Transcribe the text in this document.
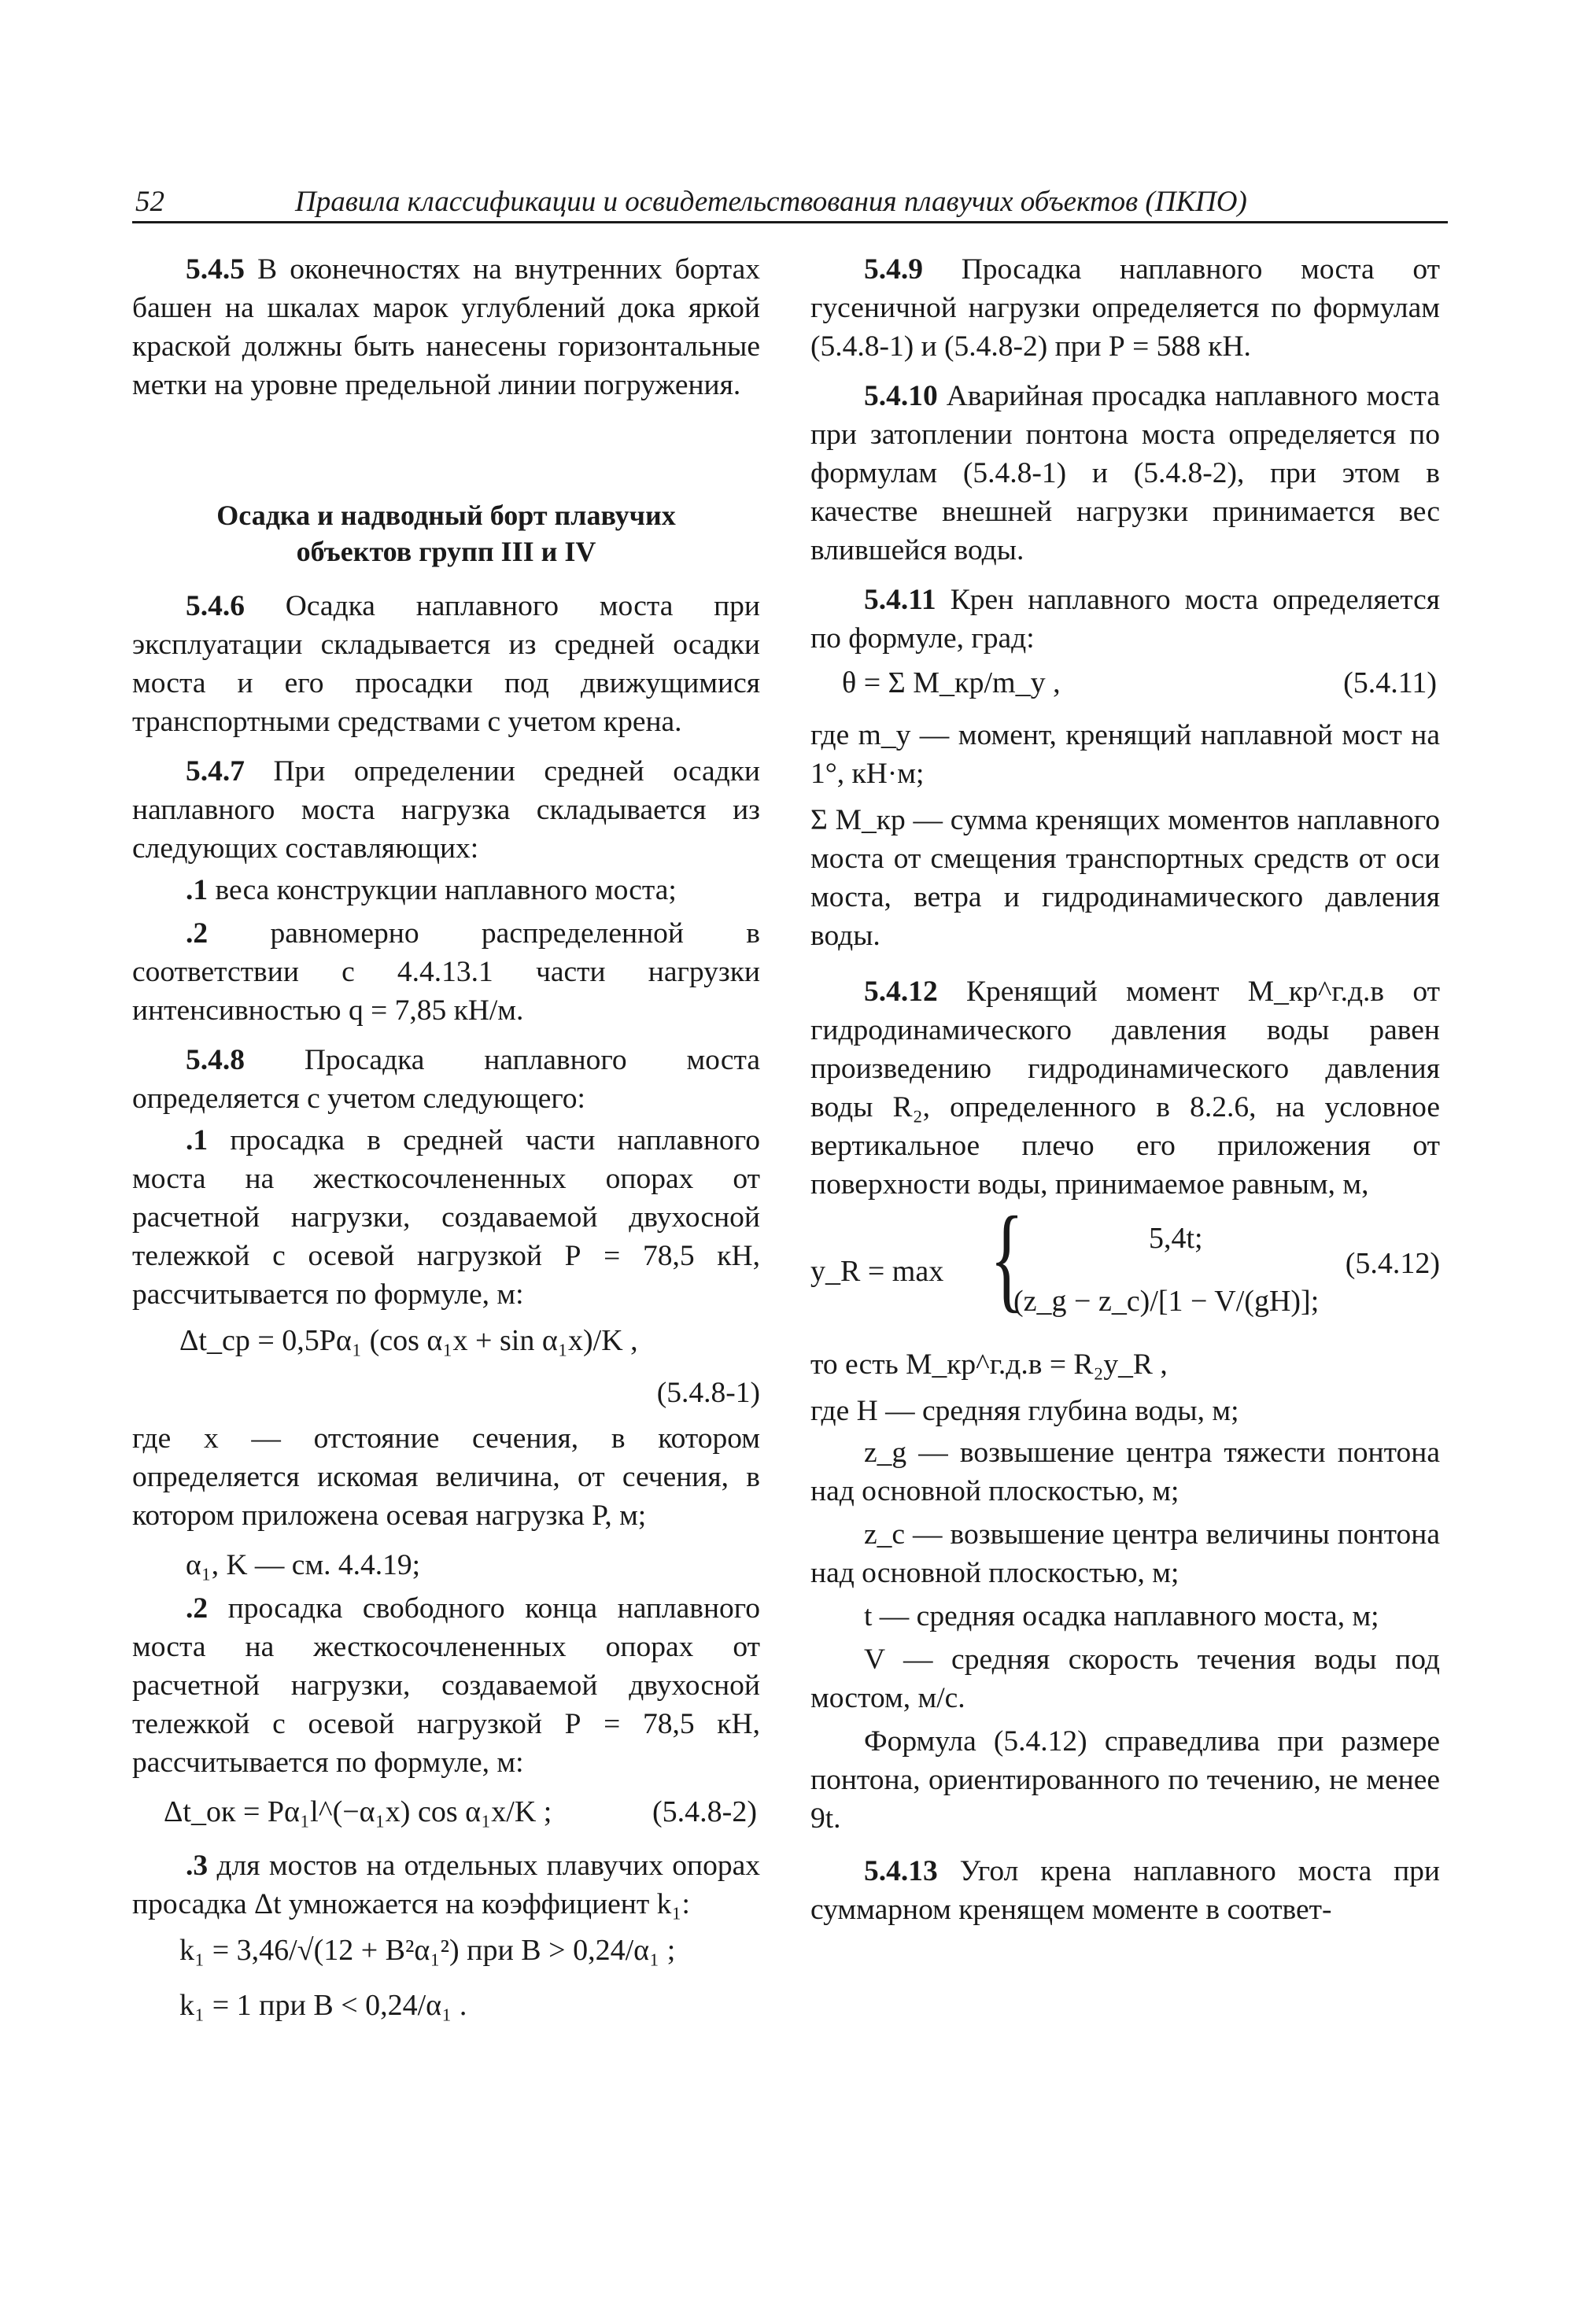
52	Правила классификации и освидетельствования плавучих объектов (ПКПО)

5.4.5 В оконечностях на внутренних бортах башен на шкалах марок углублений дока яркой краской должны быть нанесены горизонтальные метки на уровне предельной линии погружения.

Осадка и надводный борт плавучих
объектов групп III и IV

5.4.6 Осадка наплавного моста при эксплуатации складывается из средней осадки моста и его просадки под движущимися транспортными средствами с учетом крена.

5.4.7 При определении средней осадки наплавного моста нагрузка складывается из следующих составляющих:

.1 веса конструкции наплавного моста;

.2 равномерно распределенной в соответствии с 4.4.13.1 части нагрузки интенсивностью q = 7,85 кН/м.

5.4.8 Просадка наплавного моста определяется с учетом следующего:

.1 просадка в средней части наплавного моста на жесткосочлененных опорах от расчетной нагрузки, создаваемой двухосной тележкой с осевой нагрузкой Р = 78,5 кН, рассчитывается по формуле, м:

Δt_ср = 0,5Pα₁ (cos α₁x + sin α₁x)/K ,
(5.4.8-1)

где x — отстояние сечения, в котором определяется искомая величина, от сечения, в котором приложена осевая нагрузка Р, м;

α₁, K — см. 4.4.19;

.2 просадка свободного конца наплавного моста на жесткосочлененных опорах от расчетной нагрузки, создаваемой двухосной тележкой с осевой нагрузкой Р = 78,5 кН, рассчитывается по формуле, м:

Δt_ок = Pα₁l^(−α₁x) cos α₁x/K ;	(5.4.8-2)

.3 для мостов на отдельных плавучих опорах просадка Δt умножается на коэффициент k₁:

k₁ = 3,46/√(12 + B²α₁²) при B > 0,24/α₁ ;
k₁ = 1 при B < 0,24/α₁ .

5.4.9 Просадка наплавного моста от гусеничной нагрузки определяется по формулам (5.4.8-1) и (5.4.8-2) при Р = 588 кН.

5.4.10 Аварийная просадка наплавного моста при затоплении понтона моста определяется по формулам (5.4.8-1) и (5.4.8-2), при этом в качестве внешней нагрузки принимается вес влившейся воды.

5.4.11 Крен наплавного моста определяется по формуле, град:

θ = Σ M_кр/m_у ,	(5.4.11)

где m_у — момент, кренящий наплавной мост на 1°, кН·м;

Σ M_кр — сумма кренящих моментов наплавного моста от смещения транспортных средств от оси моста, ветра и гидродинамического давления воды.

5.4.12 Кренящий момент M_кр^г.д.в от гидродинамического давления воды равен произведению гидродинамического давления воды R₂, определенного в 8.2.6, на условное вертикальное плечо его приложения от поверхности воды, принимаемое равным, м,

y_R = max {	5,4t;
(z_g − z_c)/[1 − V/(gH)];
(5.4.12)

то есть M_кр^г.д.в = R₂y_R ,

где H — средняя глубина воды, м;

z_g — возвышение центра тяжести понтона над основной плоскостью, м;

z_c — возвышение центра величины понтона над основной плоскостью, м;

t — средняя осадка наплавного моста, м;

V — средняя скорость течения воды под мостом, м/с.

Формула (5.4.12) справедлива при размере понтона, ориентированного по течению, не менее 9t.

5.4.13 Угол крена наплавного моста при суммарном кренящем моменте в соответ-
